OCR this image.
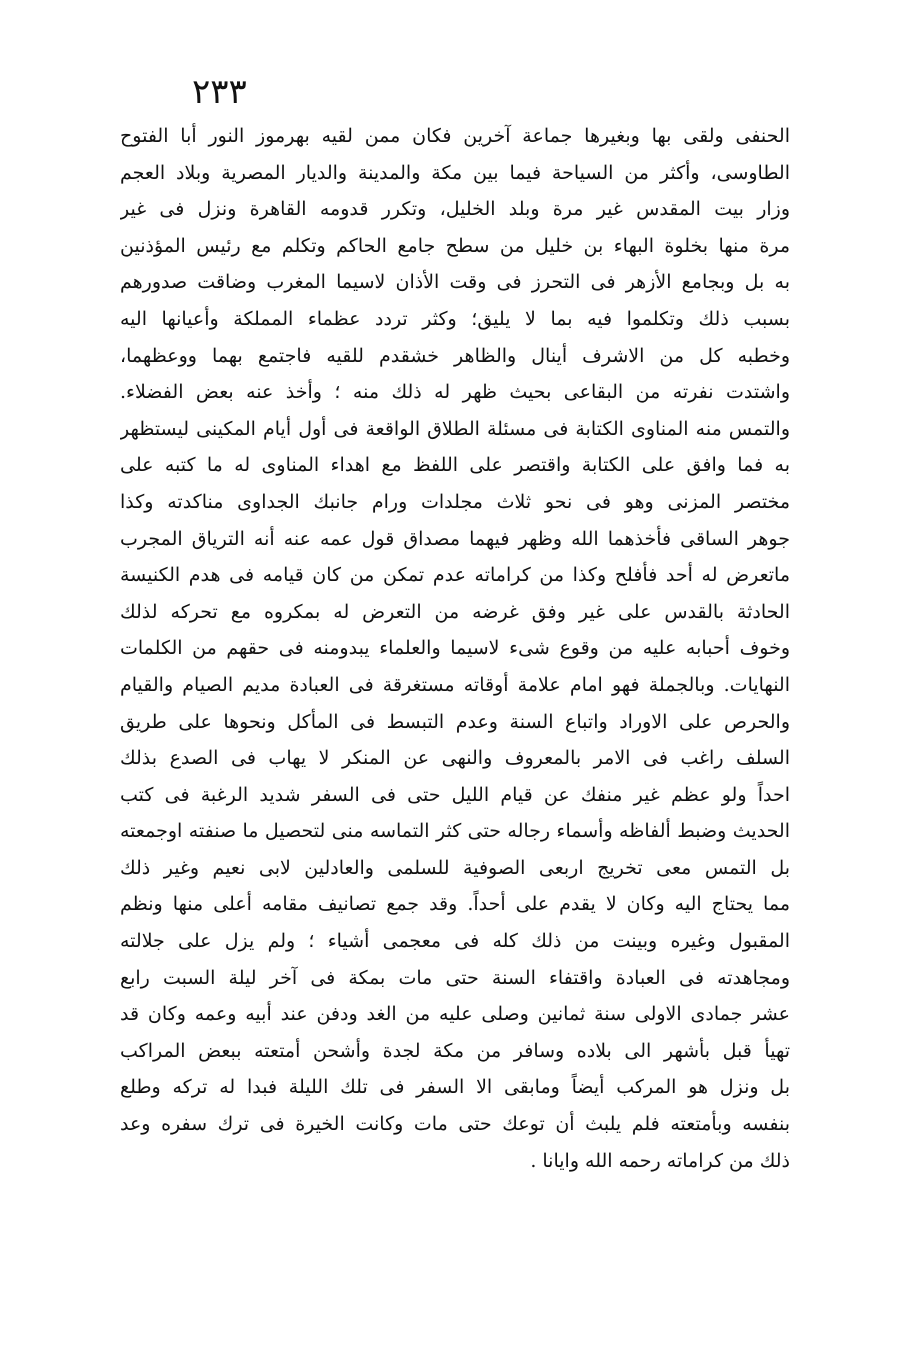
٢٣٣
الحنفى ولقى بها وبغيرها جماعة آخرين فكان ممن لقيه بهرموز النور أبا الفتوح
الطاوسى، وأكثر من السياحة فيما بين مكة والمدينة والديار المصرية وبلاد العجم
وزار بيت المقدس غير مرة وبلد الخليل، وتكرر قدومه القاهرة ونزل فى غير
مرة منها بخلوة البهاء بن خليل من سطح جامع الحاكم وتكلم مع رئيس المؤذنين
به بل وبجامع الأزهر فى التحرز فى وقت الأذان لاسيما المغرب وضاقت صدورهم
بسبب ذلك وتكلموا فيه بما لا يليق؛ وكثر تردد عظماء المملكة وأعيانها اليه
وخطبه كل من الاشرف أينال والظاهر خشقدم للقيه فاجتمع بهما ووعظهما،
واشتدت نفرته من البقاعى بحيث ظهر له ذلك منه ؛ وأخذ عنه بعض الفضلاء.
والتمس منه المناوى الكتابة فى مسئلة الطلاق الواقعة فى أول أيام المكينى ليستظهر
به فما وافق على الكتابة واقتصر على اللفظ مع اهداء المناوى له ما كتبه على
مختصر المزنى وهو فى نحو ثلاث مجلدات ورام جانبك الجداوى مناكدته وكذا
جوهر الساقى فأخذهما الله وظهر فيهما مصداق قول عمه عنه أنه الترياق المجرب
ماتعرض له أحد فأفلح وكذا من كراماته عدم تمكن من كان قيامه فى هدم الكنيسة
الحادثة بالقدس على غير وفق غرضه من التعرض له بمكروه مع تحركه لذلك
وخوف أحبابه عليه من وقوع شىء لاسيما والعلماء يبدومنه فى حقهم من الكلمات
النهايات. وبالجملة فهو امام علامة أوقاته مستغرقة فى العبادة مديم الصيام والقيام
والحرص على الاوراد واتباع السنة وعدم التبسط فى المأكل ونحوها على طريق
السلف راغب فى الامر بالمعروف والنهى عن المنكر لا يهاب فى الصدع بذلك
احداً ولو عظم غير منفك عن قيام الليل حتى فى السفر شديد الرغبة فى كتب
الحديث وضبط ألفاظه وأسماء رجاله حتى كثر التماسه منى لتحصيل ما صنفته اوجمعته
بل التمس معى تخريج اربعى الصوفية للسلمى والعادلين لابى نعيم وغير ذلك
مما يحتاج اليه وكان لا يقدم على أحداً. وقد جمع تصانيف مقامه أعلى منها ونظم
المقبول وغيره وبينت من ذلك كله فى معجمى أشياء ؛ ولم يزل على جلالته
ومجاهدته فى العبادة واقتفاء السنة حتى مات بمكة فى آخر ليلة السبت رابع
عشر جمادى الاولى سنة ثمانين وصلى عليه من الغد ودفن عند أبيه وعمه وكان قد
تهيأ قبل بأشهر الى بلاده وسافر من مكة لجدة وأشحن أمتعته ببعض المراكب
بل ونزل هو المركب أيضاً ومابقى الا السفر فى تلك الليلة فبدا له تركه وطلع
بنفسه وبأمتعته فلم يلبث أن توعك حتى مات وكانت الخيرة فى ترك سفره وعد
ذلك من كراماته رحمه الله وايانا .
